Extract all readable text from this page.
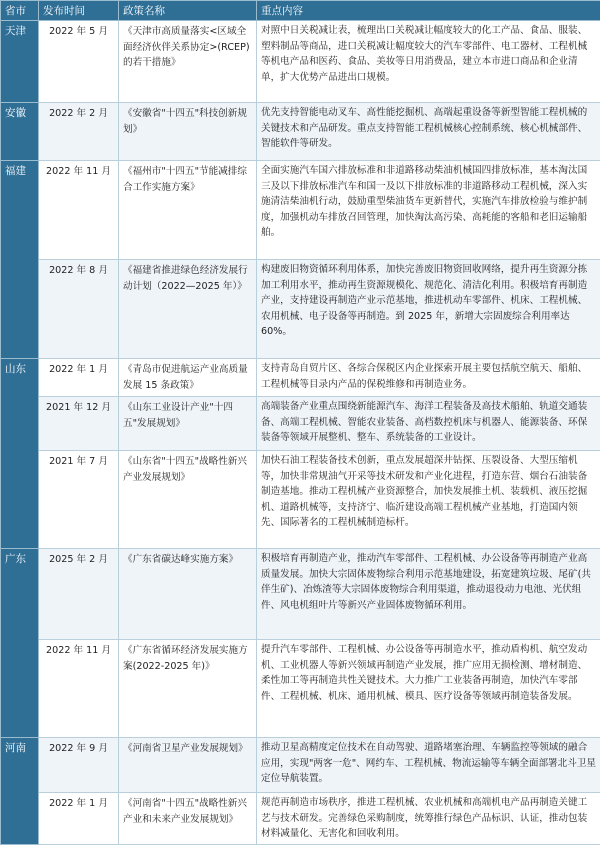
省市	发布时间	政策名称	重点内容
天津	2022 年 5 月	《天津市高质量落实<区域全面经济伙伴关系协定>(RCEP)的若干措施》	对照中日关税减让表，梳理出口关税减让幅度较大的化工产品、食品、服装、塑料制品等商品，进口关税减让幅度较大的汽车零部件、电工器材、工程机械等机电产品和医药、食品、美妆等日用消费品，建立本市进口商品和企业清单，扩大优势产品进出口规模。
安徽	2022 年 2 月	《安徽省"十四五"科技创新规划》	优先支持智能电动叉车、高性能挖掘机、高端起重设备等新型智能工程机械的关键技术和产品研发。重点支持智能工程机械核心控制系统、核心机械部件、智能软件等研发。
福建	2022 年 11 月	《福州市"十四五"节能减排综合工作实施方案》	全面实施汽车国六排放标准和非道路移动柴油机械国四排放标准，基本淘汰国三及以下排放标准汽车和国一及以下排放标准的非道路移动工程机械，深入实施清洁柴油机行动，鼓励重型柴油货车更新替代，实施汽车排放检验与维护制度，加强机动车排放召回管理，加快淘汰高污染、高耗能的客船和老旧运输船舶。
	2022 年 8 月	《福建省推进绿色经济发展行动计划（2022—2025 年）》	构建废旧物资循环利用体系，加快完善废旧物资回收网络，提升再生资源分拣加工利用水平，推动再生资源规模化、规范化、清洁化利用。积极培育再制造产业，支持建设再制造产业示范基地，推进机动车零部件、机床、工程机械、农用机械、电子设备等再制造。到 2025 年，新增大宗固废综合利用率达 60%。
山东	2022 年 1 月	《青岛市促进航运产业高质量发展 15 条政策》	支持青岛自贸片区、各综合保税区内企业探索开展主要包括航空航天、船舶、工程机械等目录内产品的保税维修和再制造业务。
	2021 年 12 月	《山东工业设计产业"十四五"发展规划》	高端装备产业重点围绕新能源汽车、海洋工程装备及高技术船舶、轨道交通装备、高端工程机械、智能农业装备、高档数控机床与机器人、能源装备、环保装备等领域开展整机、整车、系统装备的工业设计。
	2021 年 7 月	《山东省"十四五"战略性新兴产业发展规划》	加快石油工程装备技术创新，重点发展超深井钻探、压裂设备、大型压缩机等，加快非常规油气开采等技术研发和产业化进程，打造东营、烟台石油装备制造基地。推动工程机械产业资源整合，加快发展推土机、装载机、液压挖掘机、道路机械等，支持济宁、临沂建设高端工程机械产业基地，打造国内领先、国际著名的工程机械制造标杆。
广东	2025 年 2 月	《广东省碳达峰实施方案》	积极培育再制造产业，推动汽车零部件、工程机械、办公设备等再制造产业高质量发展。加快大宗固体废物综合利用示范基地建设，拓宽建筑垃圾、尾矿(共伴生矿)、冶炼渣等大宗固体废物综合利用渠道，推动退役动力电池、光伏组件、风电机组叶片等新兴产业固体废物循环利用。
	2022 年 11 月	《广东省循环经济发展实施方案(2022-2025 年)》	提升汽车零部件、工程机械、办公设备等再制造水平，推动盾构机、航空发动机、工业机器人等新兴领域再制造产业发展，推广应用无损检测、增材制造、柔性加工等再制造共性关键技术。大力推广工业装备再制造，加快汽车零部件、工程机械、机床、通用机械、模具、医疗设备等领域再制造装备发展。
河南	2022 年 9 月	《河南省卫星产业发展规划》	推动卫星高精度定位技术在自动驾驶、道路堵塞治理、车辆监控等领域的融合应用，实现"两客一危"、网约车、工程机械、物流运输等车辆全面部署北斗卫星定位导航装置。
	2022 年 1 月	《河南省"十四五"战略性新兴产业和未来产业发展规划》	规范再制造市场秩序，推进工程机械、农业机械和高端机电产品再制造关键工艺与技术研发。完善绿色采购制度，统筹推行绿色产品标识、认证，推动包装材料减量化、无害化和回收利用。
